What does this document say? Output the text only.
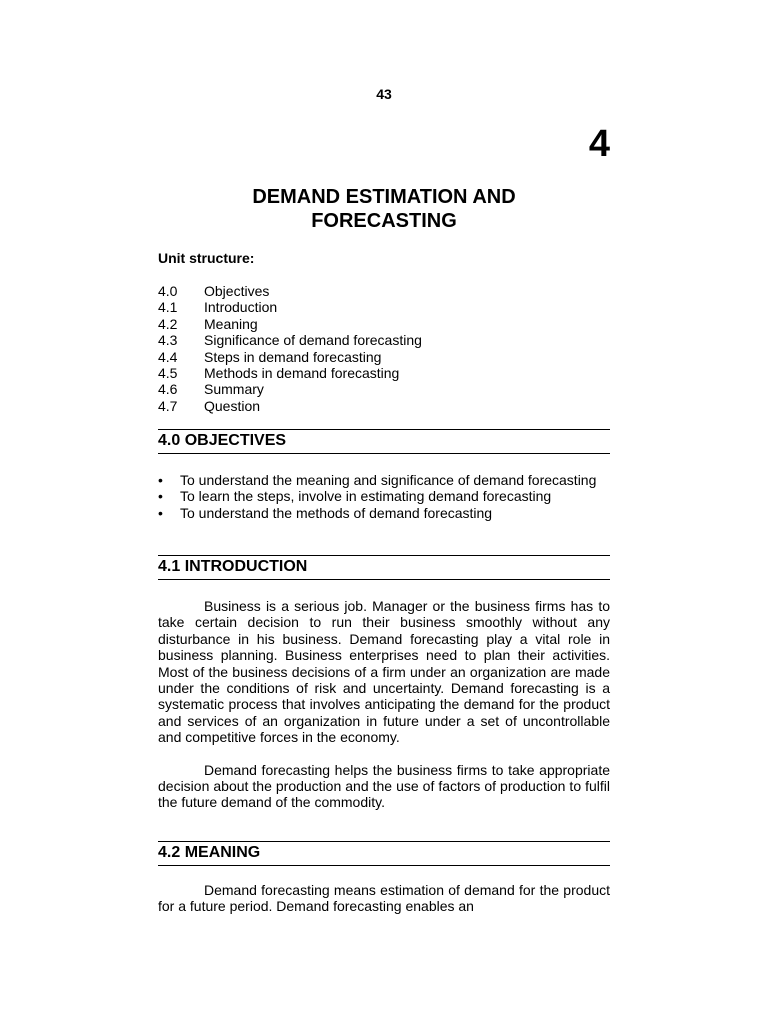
43
4
DEMAND ESTIMATION AND
FORECASTING
Unit structure:
4.0	Objectives
4.1	Introduction
4.2	Meaning
4.3	Significance of demand forecasting
4.4	Steps in demand forecasting
4.5	Methods in demand forecasting
4.6	Summary
4.7	Question
4.0 OBJECTIVES
•	To understand the meaning and significance of demand forecasting
•	To learn the steps, involve in estimating demand forecasting
•	To understand the methods of demand forecasting
4.1 INTRODUCTION

Business is a serious job. Manager or the business firms has to take certain decision to run their business smoothly without any disturbance in his business. Demand forecasting play a vital role in business planning. Business enterprises need to plan their activities. Most of the business decisions of a firm under an organization are made under the conditions of risk and uncertainty. Demand forecasting is a systematic process that involves anticipating the demand for the product and services of an organization in future under a set of uncontrollable and competitive forces in the economy.

Demand forecasting helps the business firms to take appropriate decision about the production and the use of factors of production to fulfil the future demand of the commodity.

4.2 MEANING

Demand forecasting means estimation of demand for the product for a future period. Demand forecasting enables an
